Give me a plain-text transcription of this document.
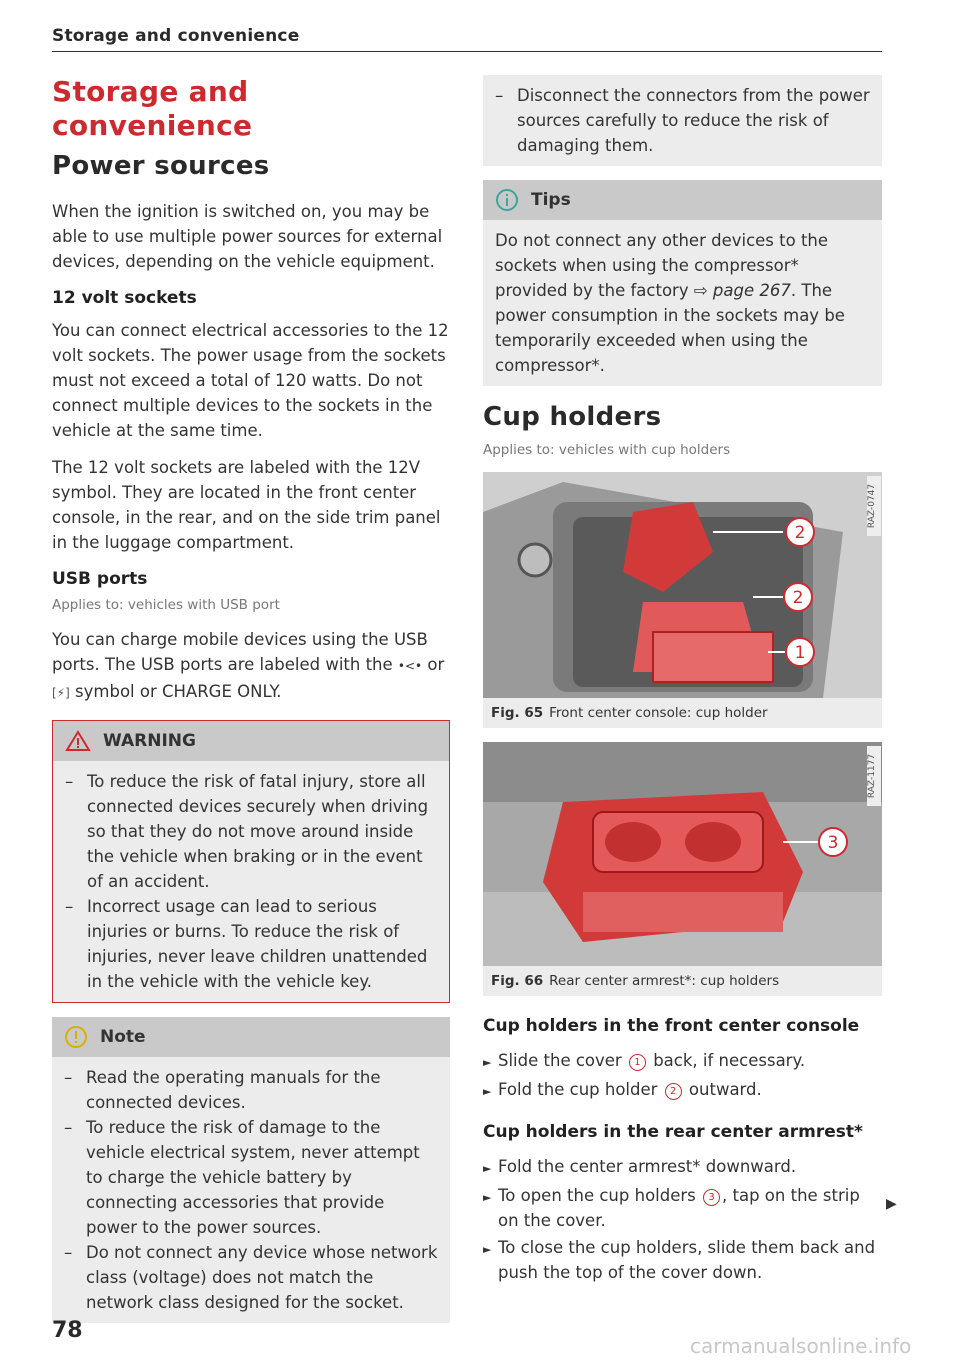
Storage and convenience
Storage and convenience
Power sources

When the ignition is switched on, you may be able to use multiple power sources for external devices, depending on the vehicle equipment.

12 volt sockets

You can connect electrical accessories to the 12 volt sockets. The power usage from the sockets must not exceed a total of 120 watts. Do not connect multiple devices to the sockets in the vehicle at the same time.

The 12 volt sockets are labeled with the 12V symbol. They are located in the front center console, in the rear, and on the side trim panel in the luggage compartment.

USB ports
Applies to: vehicles with USB port

You can charge mobile devices using the USB ports. The USB ports are labeled with the •<• or [⚡] symbol or CHARGE ONLY.

WARNING
– To reduce the risk of fatal injury, store all connected devices securely when driving so that they do not move around inside the vehicle when braking or in the event of an accident.
– Incorrect usage can lead to serious injuries or burns. To reduce the risk of injuries, never leave children unattended in the vehicle with the vehicle key.
Note
– Read the operating manuals for the connected devices.
– To reduce the risk of damage to the vehicle electrical system, never attempt to charge the vehicle battery by connecting accessories that provide power to the power sources.
– Do not connect any device whose network class (voltage) does not match the network class designed for the socket.
– Disconnect the connectors from the power sources carefully to reduce the risk of damaging them.
Tips
Do not connect any other devices to the sockets when using the compressor* provided by the factory ⇨ page 267. The power consumption in the sockets may be temporarily exceeded when using the compressor*.
Cup holders
Applies to: vehicles with cup holders
2
2
1
RAZ-0747
Fig. 65 Front center console: cup holder
3
RAZ-1177
Fig. 66 Rear center armrest*: cup holders
Cup holders in the front center console
► Slide the cover 1 back, if necessary.
► Fold the cup holder 2 outward.
Cup holders in the rear center armrest*
► Fold the center armrest* downward.
► To open the cup holders 3 , tap on the strip on the cover.
► To close the cup holders, slide them back and push the top of the cover down.
▶
78
carmanualsonline.info
